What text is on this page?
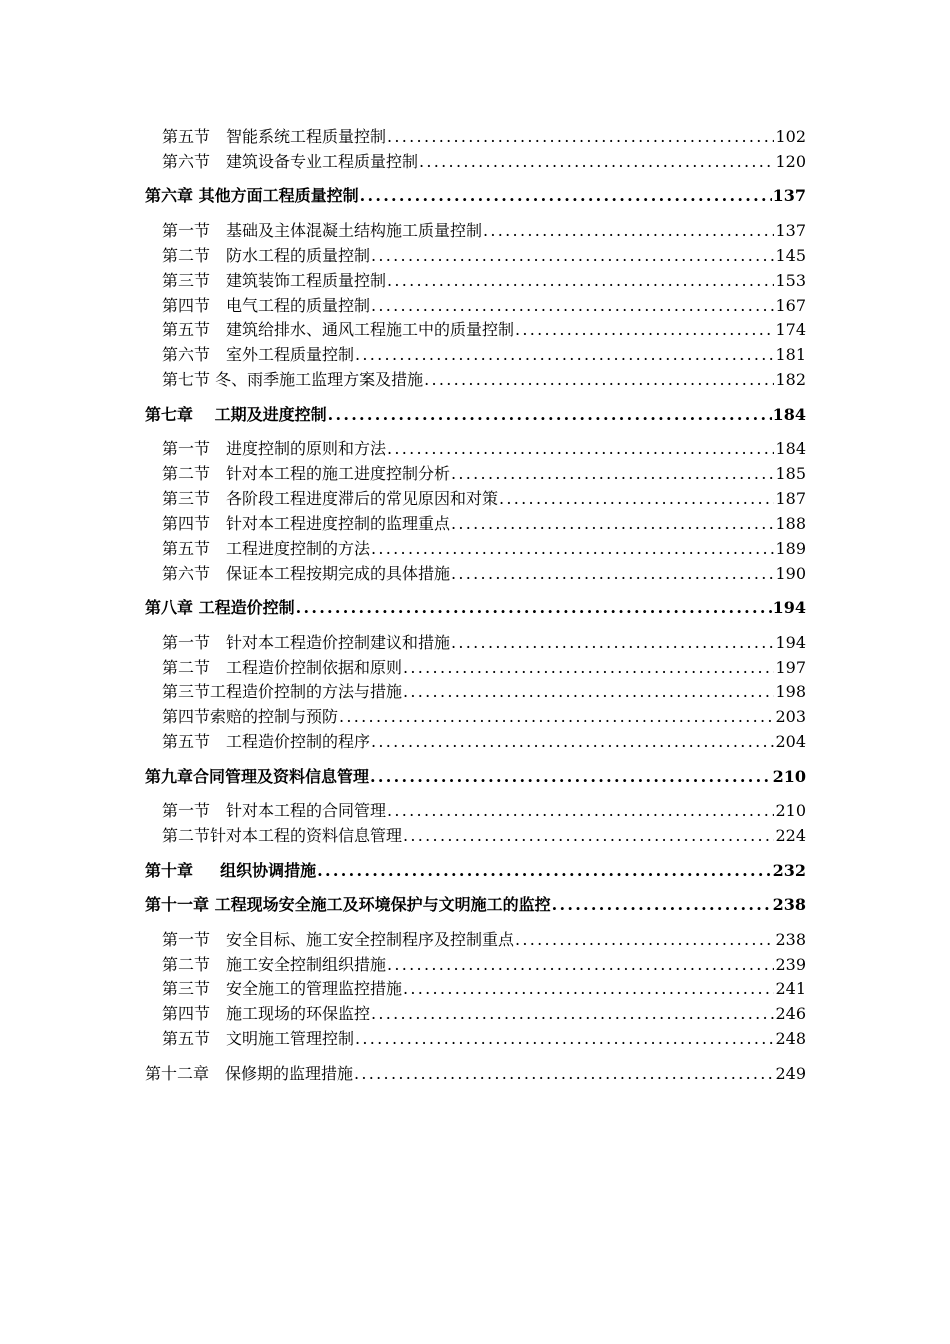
第五节　智能系统工程质量控制 .....	102
第六节　建筑设备专业工程质量控制 .....	120
第六章 其他方面工程质量控制 .....	137
第一节　基础及主体混凝土结构施工质量控制 .....	137
第二节　防水工程的质量控制 .....	145
第三节　建筑装饰工程质量控制 .....	153
第四节　电气工程的质量控制 .....	167
第五节　建筑给排水、通风工程施工中的质量控制 .....	174
第六节　室外工程质量控制 .....	181
第七节 冬、雨季施工监理方案及措施 .....	182
第七章　 工期及进度控制 .....	184
第一节　进度控制的原则和方法 .....	184
第二节　针对本工程的施工进度控制分析 .....	185
第三节　各阶段工程进度滞后的常见原因和对策 .....	187
第四节　针对本工程进度控制的监理重点 .....	188
第五节　工程进度控制的方法 .....	189
第六节　保证本工程按期完成的具体措施 .....	190
第八章 工程造价控制 .....	194
第一节　针对本工程造价控制建议和措施 .....	194
第二节　工程造价控制依据和原则 .....	197
第三节工程造价控制的方法与措施 .....	198
第四节索赔的控制与预防 .....	203
第五节　工程造价控制的程序 .....	204
第九章合同管理及资料信息管理 .....	210
第一节　针对本工程的合同管理 .....	210
第二节针对本工程的资料信息管理 .....	224
第十章　  组织协调措施 .....	232
第十一章 工程现场安全施工及环境保护与文明施工的监控 .....	238
第一节　安全目标、施工安全控制程序及控制重点 .....	238
第二节　施工安全控制组织措施 .....	239
第三节　安全施工的管理监控措施 .....	241
第四节　施工现场的环保监控 .....	246
第五节　文明施工管理控制 .....	248
第十二章　保修期的监理措施 .....	249
